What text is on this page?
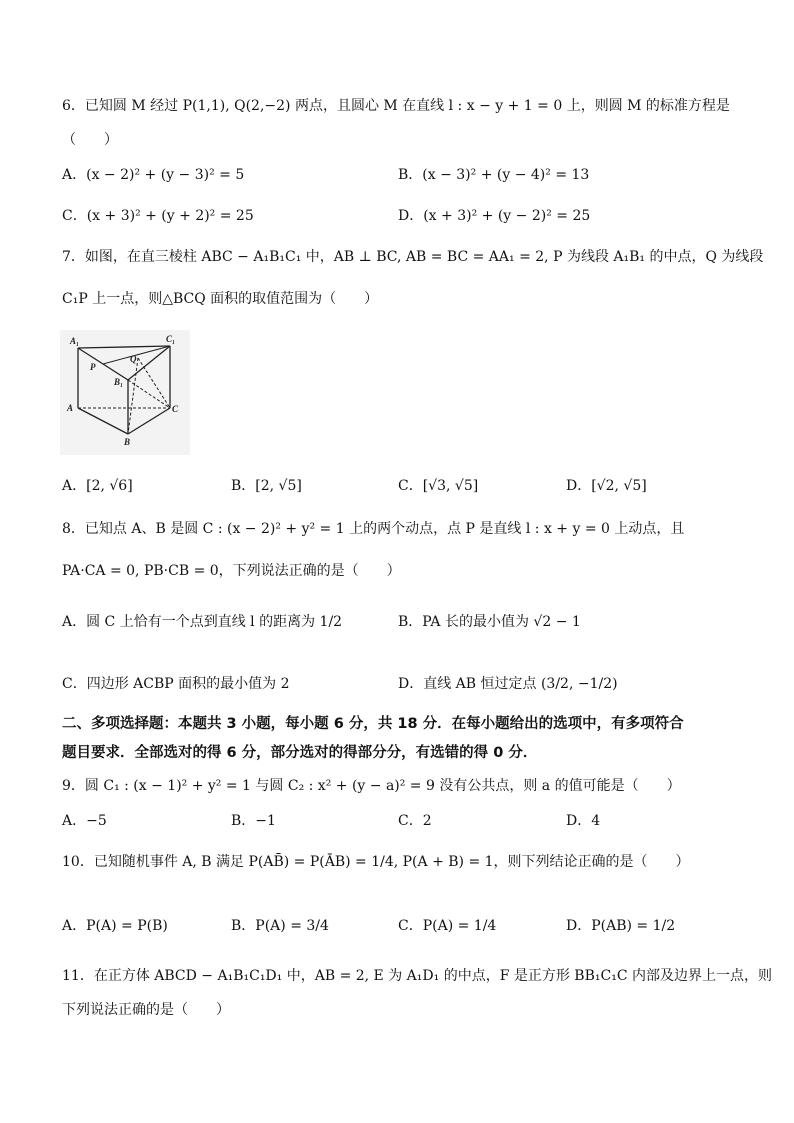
6．已知圆 M 经过 P(1,1), Q(2,−2) 两点，且圆心 M 在直线 l : x − y + 1 = 0 上，则圆 M 的标准方程是
（　　）
A．(x − 2)² + (y − 3)² = 5	B．(x − 3)² + (y − 4)² = 13
C．(x + 3)² + (y + 2)² = 25	D．(x + 3)² + (y − 2)² = 25
7．如图，在直三棱柱 ABC − A₁B₁C₁ 中，AB ⊥ BC, AB = BC = AA₁ = 2, P 为线段 A₁B₁ 的中点，Q 为线段
C₁P 上一点，则△BCQ 面积的取值范围为（　　）
A₁	C₁
P
Q
B₁
A	C
B
A．[2, √6]	B．[2, √5]	C．[√3, √5]	D．[√2, √5]
8．已知点 A、B 是圆 C : (x − 2)² + y² = 1 上的两个动点，点 P 是直线 l : x + y = 0 上动点，且
PA·CA = 0, PB·CB = 0，下列说法正确的是（　　）
A．圆 C 上恰有一个点到直线 l 的距离为 1/2	B．PA 长的最小值为 √2 − 1
C．四边形 ACBP 面积的最小值为 2	D．直线 AB 恒过定点 (3/2, −1/2)
二、多项选择题：本题共 3 小题，每小题 6 分，共 18 分．在每小题给出的选项中，有多项符合
题目要求．全部选对的得 6 分，部分选对的得部分分，有选错的得 0 分．
9．圆 C₁ : (x − 1)² + y² = 1 与圆 C₂ : x² + (y − a)² = 9 没有公共点，则 a 的值可能是（　　）
A．−5	B．−1	C．2	D．4
10．已知随机事件 A, B 满足 P(AB̄) = P(ĀB) = 1/4, P(A + B) = 1，则下列结论正确的是（　　）
A．P(A) = P(B)	B．P(A) = 3/4	C．P(A) = 1/4	D．P(AB) = 1/2
11．在正方体 ABCD − A₁B₁C₁D₁ 中，AB = 2, E 为 A₁D₁ 的中点，F 是正方形 BB₁C₁C 内部及边界上一点，则
下列说法正确的是（　　）
